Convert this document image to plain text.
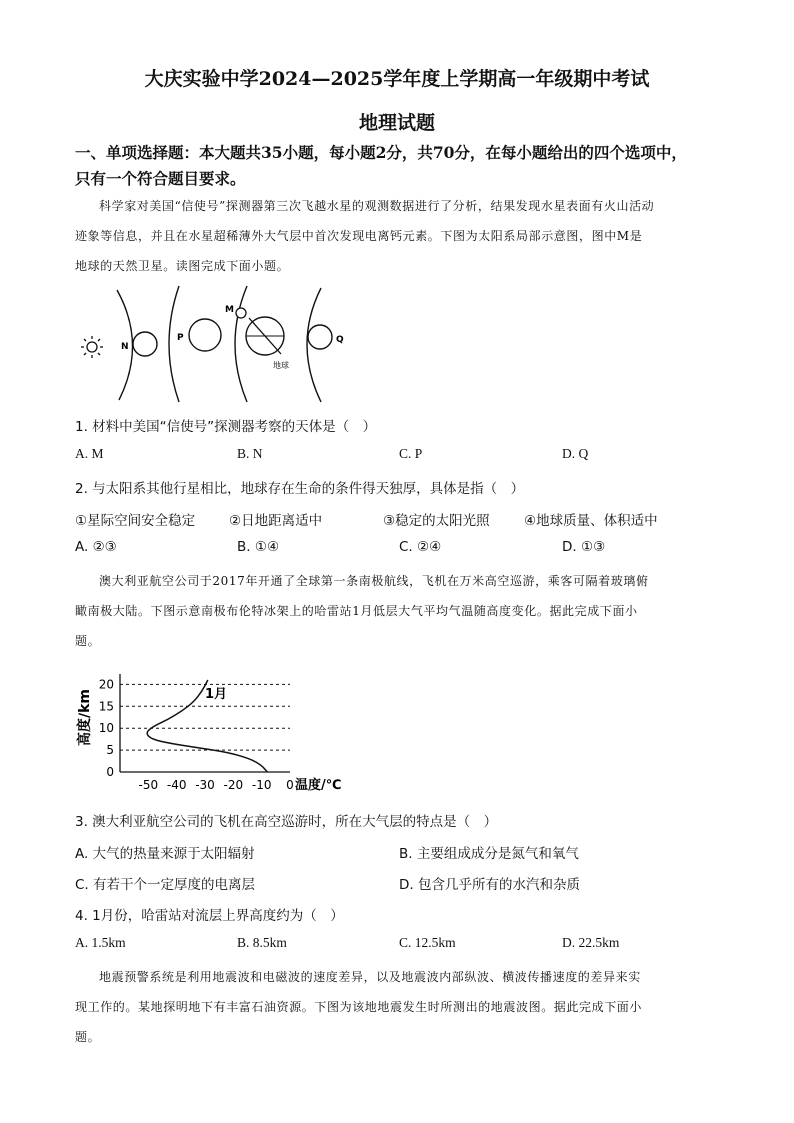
大庆实验中学2024—2025学年度上学期高一年级期中考试
地理试题
一、单项选择题：本大题共35小题，每小题2分，共70分，在每小题给出的四个选项中，
只有一个符合题目要求。
科学家对美国“信使号”探测器第三次飞越水星的观测数据进行了分析，结果发现水星表面有火山活动
迹象等信息，并且在水星超稀薄外大气层中首次发现电离钙元素。下图为太阳系局部示意图，图中M是
地球的天然卫星。读图完成下面小题。
N
P
M
Q
地球
1. 材料中美国“信使号”探测器考察的天体是（　）
A. M	B. N	C. P	D. Q
2. 与太阳系其他行星相比，地球存在生命的条件得天独厚，具体是指（　）
①星际空间安全稳定	②日地距离适中	③稳定的太阳光照	④地球质量、体积适中
A. ②③	B. ①④	C. ②④	D. ①③
澳大利亚航空公司于2017年开通了全球第一条南极航线，飞机在万米高空巡游，乘客可隔着玻璃俯
瞰南极大陆。下图示意南极布伦特冰架上的哈雷站1月低层大气平均气温随高度变化。据此完成下面小
题。
0
5
10
15
20
-50 -40 -30 -20 -10 0
1月
高度/km
温度/℃
3. 澳大利亚航空公司的飞机在高空巡游时，所在大气层的特点是（　）
A. 大气的热量来源于太阳辐射	B. 主要组成成分是氮气和氧气
C. 有若干个一定厚度的电离层	D. 包含几乎所有的水汽和杂质
4. 1月份，哈雷站对流层上界高度约为（　）
A. 1.5km	B. 8.5km	C. 12.5km	D. 22.5km
地震预警系统是利用地震波和电磁波的速度差异，以及地震波内部纵波、横波传播速度的差异来实
现工作的。某地探明地下有丰富石油资源。下图为该地地震发生时所测出的地震波图。据此完成下面小
题。
